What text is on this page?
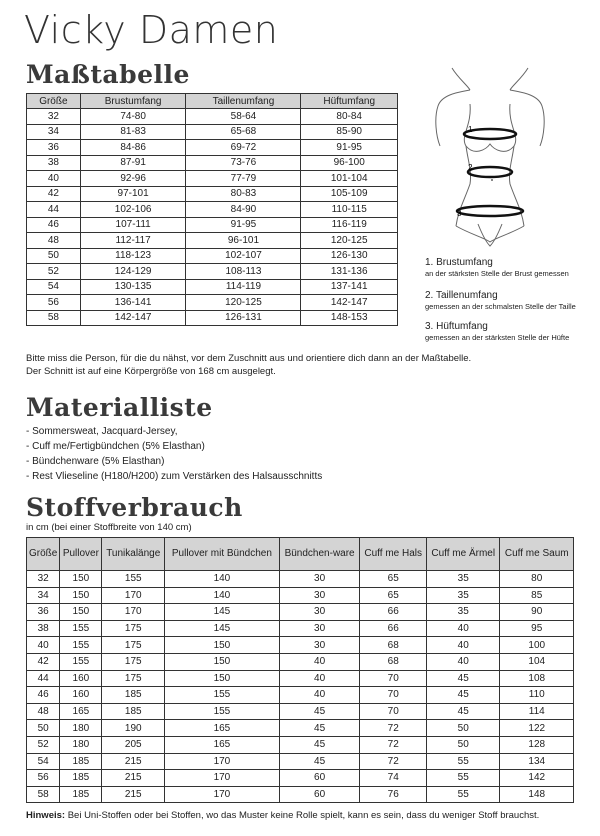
Vicky Damen
Maßtabelle
Größe	Brustumfang	Taillenumfang	Hüftumfang
32	74-80	58-64	80-84
34	81-83	65-68	85-90
36	84-86	69-72	91-95
38	87-91	73-76	96-100
40	92-96	77-79	101-104
42	97-101	80-83	105-109
44	102-106	84-90	110-115
46	107-111	91-95	116-119
48	112-117	96-101	120-125
50	118-123	102-107	126-130
52	124-129	108-113	131-136
54	130-135	114-119	137-141
56	136-141	120-125	142-147
58	142-147	126-131	148-153
1
2
3
1. Brustumfang
an der stärksten Stelle der Brust gemessen
2. Taillenumfang
gemessen an der schmalsten Stelle der Taille
3. Hüftumfang
gemessen an der stärksten Stelle der Hüfte
Bitte miss die Person, für die du nähst, vor dem Zuschnitt aus und orientiere dich dann an der Maßtabelle.
Der Schnitt ist auf eine Körpergröße von 168 cm ausgelegt.
Materialliste
- Sommersweat, Jacquard-Jersey,
- Cuff me/Fertigbündchen (5% Elasthan)
- Bündchenware (5% Elasthan)
- Rest Vlieseline (H180/H200) zum Verstärken des Halsausschnitts
Stoffverbrauch
in cm (bei einer Stoffbreite von 140 cm)
Größe	Pullover	Tunikalänge	Pullover mit Bündchen	Bündchen-ware	Cuff me Hals	Cuff me Ärmel	Cuff me Saum
32	150	155	140	30	65	35	80
34	150	170	140	30	65	35	85
36	150	170	145	30	66	35	90
38	155	175	145	30	66	40	95
40	155	175	150	30	68	40	100
42	155	175	150	40	68	40	104
44	160	175	150	40	70	45	108
46	160	185	155	40	70	45	110
48	165	185	155	45	70	45	114
50	180	190	165	45	72	50	122
52	180	205	165	45	72	50	128
54	185	215	170	45	72	55	134
56	185	215	170	60	74	55	142
58	185	215	170	60	76	55	148
Hinweis: Bei Uni-Stoffen oder bei Stoffen, wo das Muster keine Rolle spielt, kann es sein, dass du weniger Stoff brauchst.
